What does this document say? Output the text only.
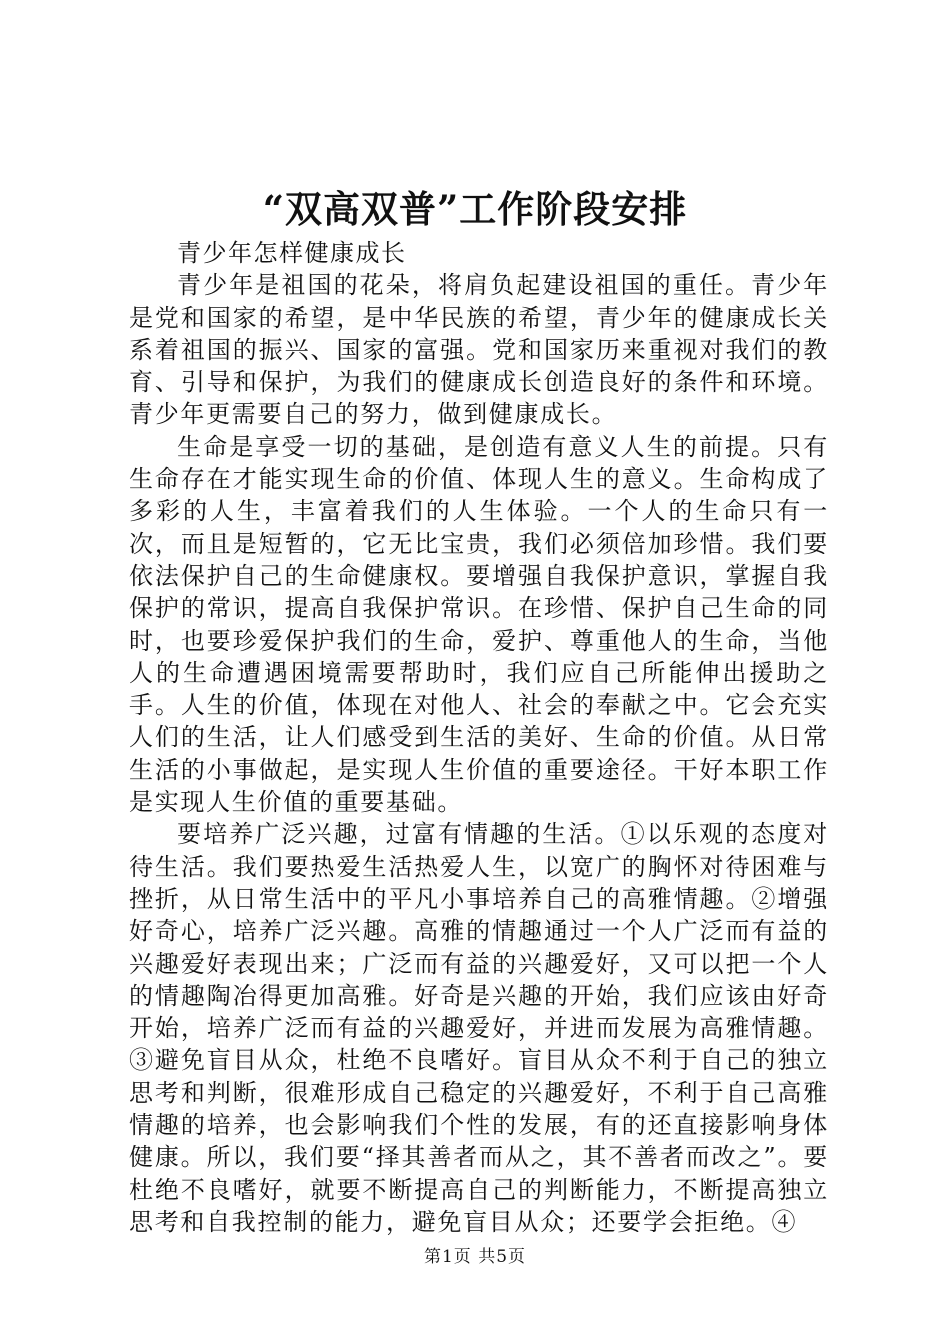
“双高双普”工作阶段安排

青少年怎样健康成长

青少年是祖国的花朵，将肩负起建设祖国的重任。青少年是党和国家的希望，是中华民族的希望，青少年的健康成长关系着祖国的振兴、国家的富强。党和国家历来重视对我们的教育、引导和保护，为我们的健康成长创造良好的条件和环境。青少年更需要自己的努力，做到健康成长。

生命是享受一切的基础，是创造有意义人生的前提。只有生命存在才能实现生命的价值、体现人生的意义。生命构成了多彩的人生，丰富着我们的人生体验。一个人的生命只有一次，而且是短暂的，它无比宝贵，我们必须倍加珍惜。我们要依法保护自己的生命健康权。要增强自我保护意识，掌握自我保护的常识，提高自我保护常识。在珍惜、保护自己生命的同时，也要珍爱保护我们的生命，爱护、尊重他人的生命，当他人的生命遭遇困境需要帮助时，我们应自己所能伸出援助之手。人生的价值，体现在对他人、社会的奉献之中。它会充实人们的生活，让人们感受到生活的美好、生命的价值。从日常生活的小事做起，是实现人生价值的重要途径。干好本职工作是实现人生价值的重要基础。

要培养广泛兴趣，过富有情趣的生活。①以乐观的态度对待生活。我们要热爱生活热爱人生，以宽广的胸怀对待困难与挫折，从日常生活中的平凡小事培养自己的高雅情趣。②增强好奇心，培养广泛兴趣。高雅的情趣通过一个人广泛而有益的兴趣爱好表现出来；广泛而有益的兴趣爱好，又可以把一个人的情趣陶冶得更加高雅。好奇是兴趣的开始，我们应该由好奇开始，培养广泛而有益的兴趣爱好，并进而发展为高雅情趣。③避免盲目从众，杜绝不良嗜好。盲目从众不利于自己的独立思考和判断，很难形成自己稳定的兴趣爱好，不利于自己高雅情趣的培养，也会影响我们个性的发展，有的还直接影响身体健康。所以，我们要“择其善者而从之，其不善者而改之”。要杜绝不良嗜好，就要不断提高自己的判断能力，不断提高独立思考和自我控制的能力，避免盲目从众；还要学会拒绝。④

第1页 共5页
